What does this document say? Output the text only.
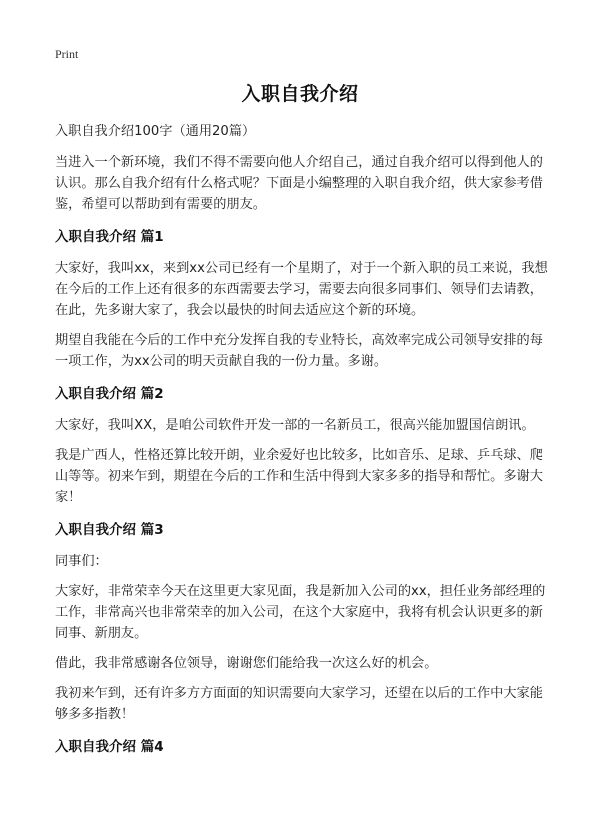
Print
入职自我介绍

入职自我介绍100字（通用20篇）

当进入一个新环境，我们不得不需要向他人介绍自己，通过自我介绍可以得到他人的认识。那么自我介绍有什么格式呢？下面是小编整理的入职自我介绍，供大家参考借鉴，希望可以帮助到有需要的朋友。

入职自我介绍 篇1

大家好，我叫xx，来到xx公司已经有一个星期了，对于一个新入职的员工来说，我想在今后的工作上还有很多的东西需要去学习，需要去向很多同事们、领导们去请教，在此，先多谢大家了，我会以最快的时间去适应这个新的环境。

期望自我能在今后的工作中充分发挥自我的专业特长，高效率完成公司领导安排的每一项工作，为xx公司的明天贡献自我的一份力量。多谢。

入职自我介绍 篇2

大家好，我叫XX，是咱公司软件开发一部的一名新员工，很高兴能加盟国信朗讯。

我是广西人，性格还算比较开朗，业余爱好也比较多，比如音乐、足球、乒乓球、爬山等等。初来乍到，期望在今后的工作和生活中得到大家多多的指导和帮忙。多谢大家！

入职自我介绍 篇3

同事们：

大家好，非常荣幸今天在这里更大家见面，我是新加入公司的xx，担任业务部经理的工作，非常高兴也非常荣幸的加入公司，在这个大家庭中，我将有机会认识更多的新同事、新朋友。

借此，我非常感谢各位领导，谢谢您们能给我一次这么好的机会。

我初来乍到，还有许多方方面面的知识需要向大家学习，还望在以后的工作中大家能够多多指教！

入职自我介绍 篇4
